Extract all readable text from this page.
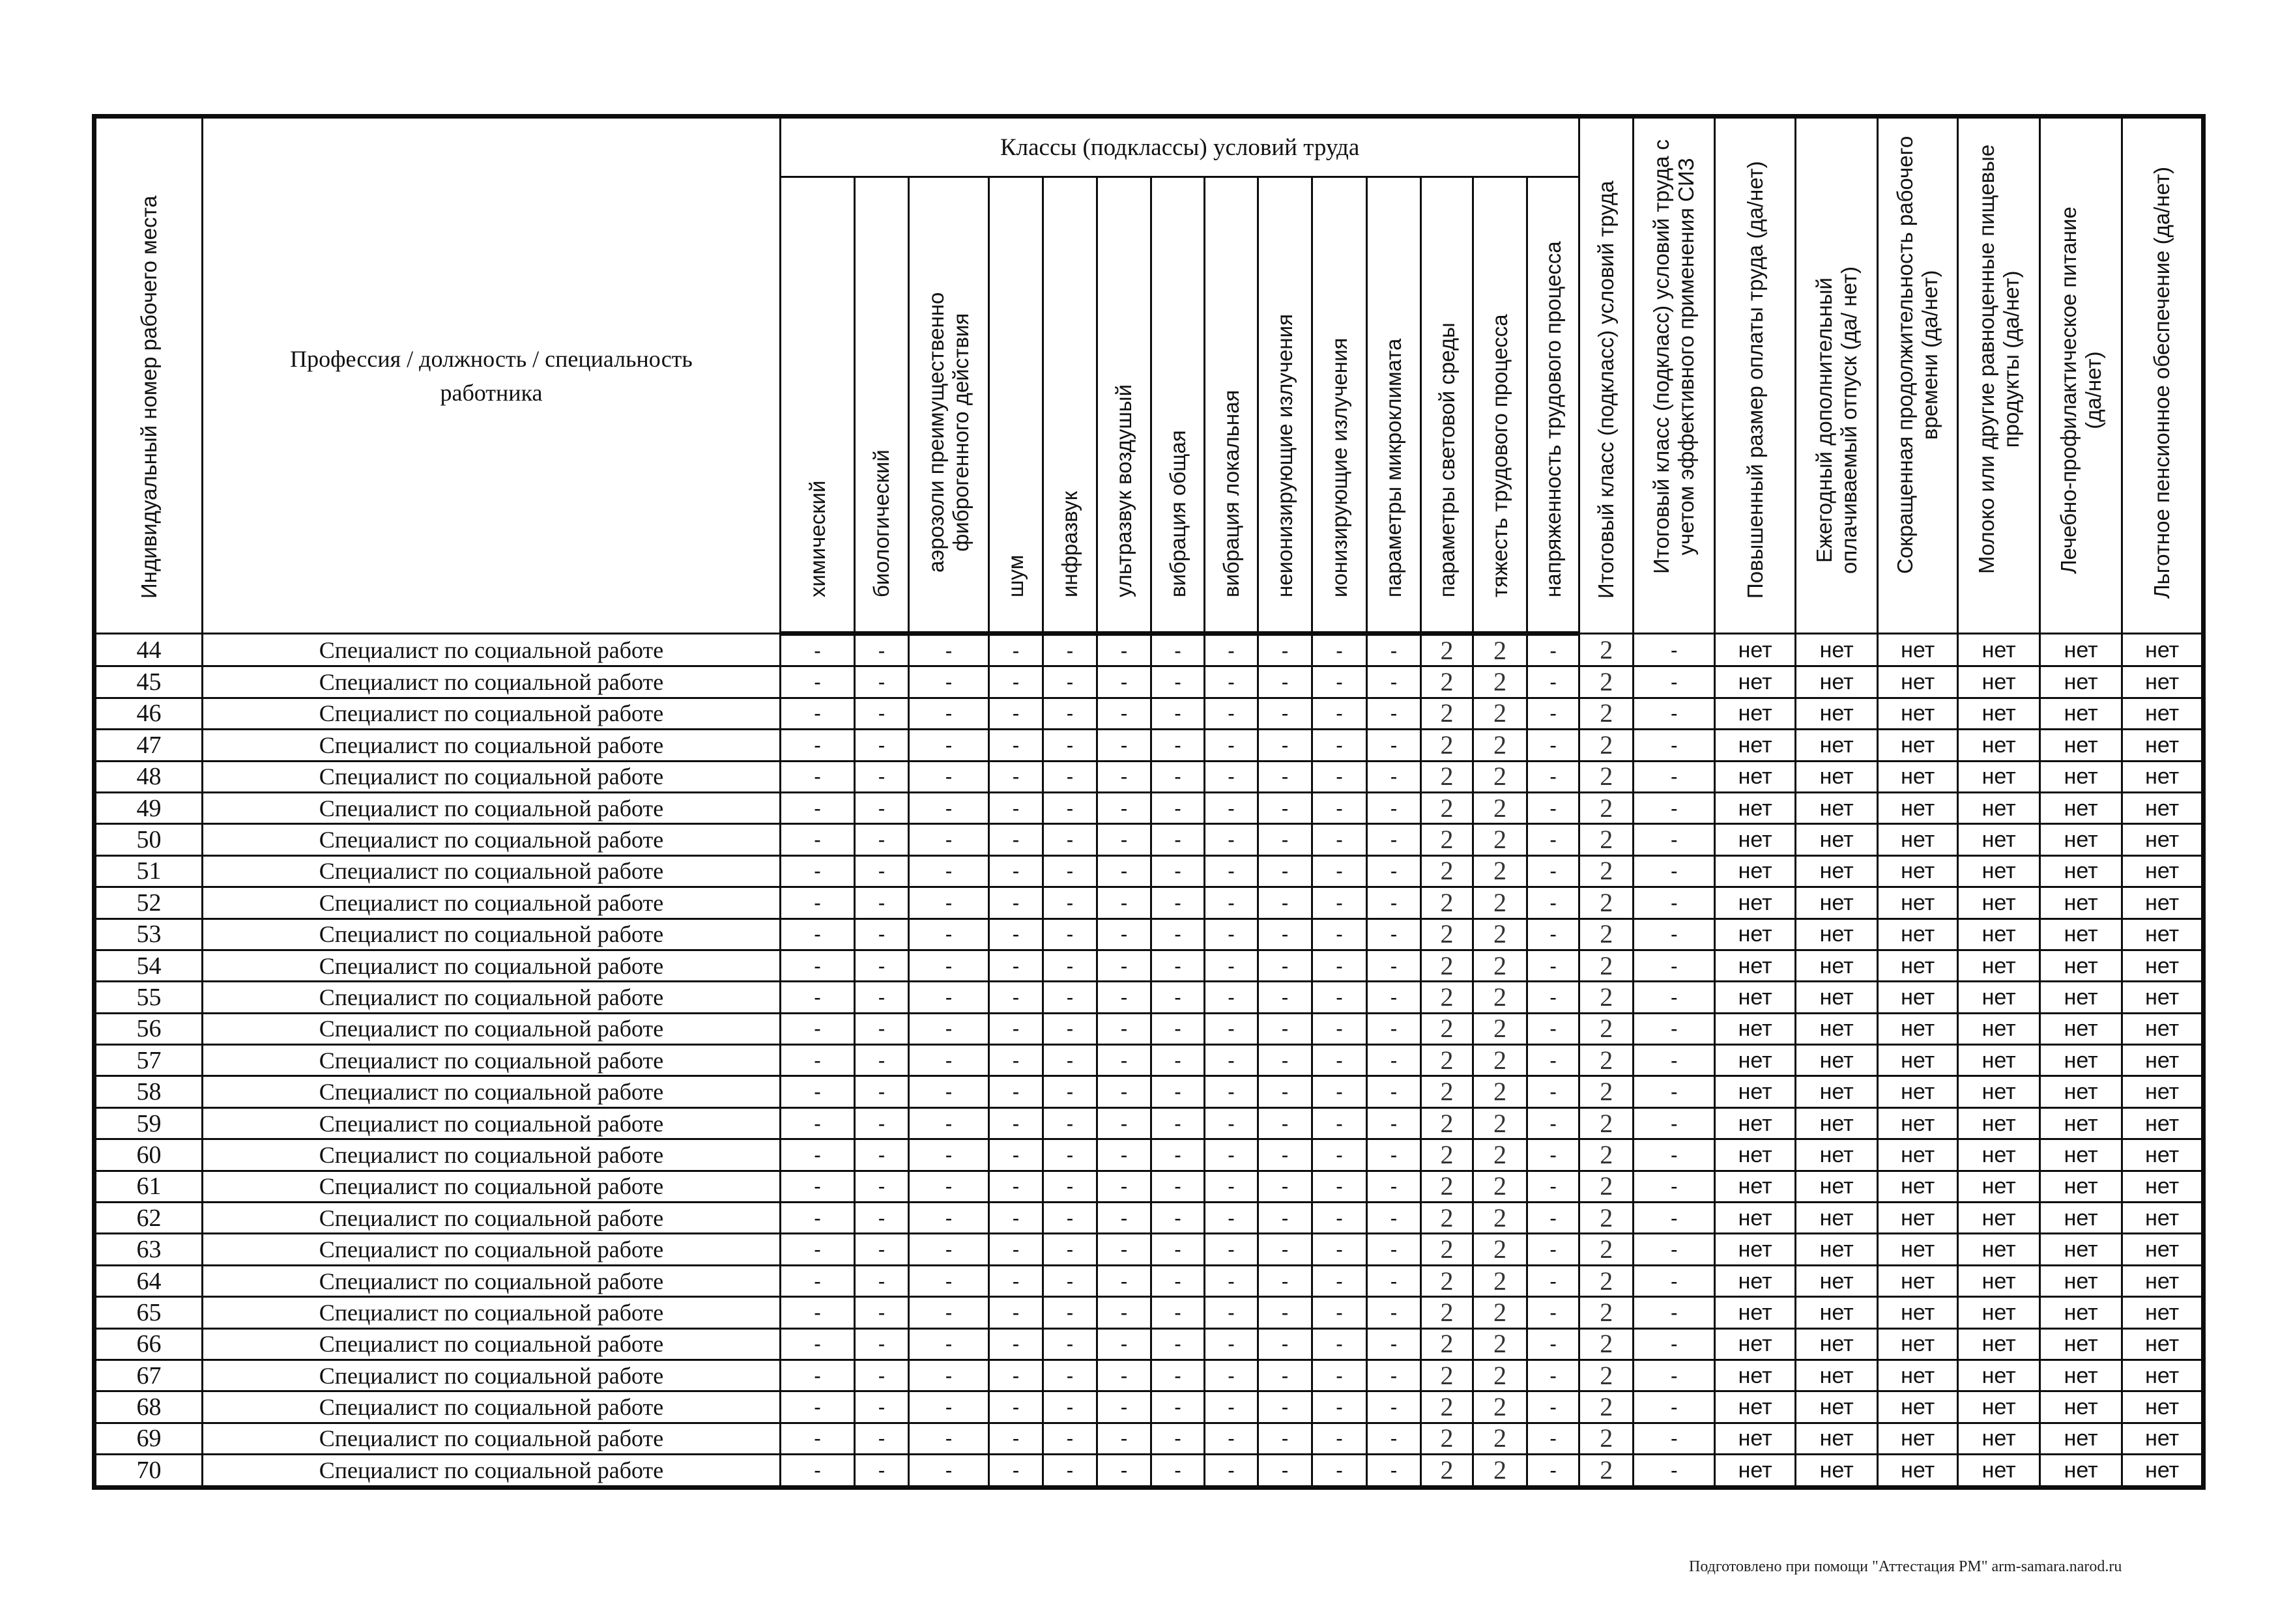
Индивидуальный номер рабочего места	Профессия / должность / специальность
работника	Классы (подклассы) условий труда														Итоговый класс (подкласс) условий труда	Итоговый класс (подкласс) условий труда с учетом эффективного применения СИЗ	Повышенный размер оплаты труда (да/нет)	Ежегодный дополнительный оплачиваемый отпуск (да/ нет)	Сокращенная продолжительность рабочего времени (да/нет)	Молоко или другие равноценные пищевые продукты (да/нет)	Лечебно-профилактическое питание (да/нет)	Льготное пенсионное обеспечение (да/нет)

		химический	биологический	аэрозоли преимущественно фиброгенного действия	шум	инфразвук	ультразвук воздушый	вибрация общая	вибрация локальная	неионизирующие излучения	ионизирующие излучения	параметры микроклимата	параметры световой среды	тяжесть трудового процесса	напряженность трудового процесса								

44	Специалист по социальной работе	-	-	-	-	-	-	-	-	-	-	-	2	2	-	2	-	нет	нет	нет	нет	нет	нет
45	Специалист по социальной работе	-	-	-	-	-	-	-	-	-	-	-	2	2	-	2	-	нет	нет	нет	нет	нет	нет
46	Специалист по социальной работе	-	-	-	-	-	-	-	-	-	-	-	2	2	-	2	-	нет	нет	нет	нет	нет	нет
47	Специалист по социальной работе	-	-	-	-	-	-	-	-	-	-	-	2	2	-	2	-	нет	нет	нет	нет	нет	нет
48	Специалист по социальной работе	-	-	-	-	-	-	-	-	-	-	-	2	2	-	2	-	нет	нет	нет	нет	нет	нет
49	Специалист по социальной работе	-	-	-	-	-	-	-	-	-	-	-	2	2	-	2	-	нет	нет	нет	нет	нет	нет
50	Специалист по социальной работе	-	-	-	-	-	-	-	-	-	-	-	2	2	-	2	-	нет	нет	нет	нет	нет	нет
51	Специалист по социальной работе	-	-	-	-	-	-	-	-	-	-	-	2	2	-	2	-	нет	нет	нет	нет	нет	нет
52	Специалист по социальной работе	-	-	-	-	-	-	-	-	-	-	-	2	2	-	2	-	нет	нет	нет	нет	нет	нет
53	Специалист по социальной работе	-	-	-	-	-	-	-	-	-	-	-	2	2	-	2	-	нет	нет	нет	нет	нет	нет
54	Специалист по социальной работе	-	-	-	-	-	-	-	-	-	-	-	2	2	-	2	-	нет	нет	нет	нет	нет	нет
55	Специалист по социальной работе	-	-	-	-	-	-	-	-	-	-	-	2	2	-	2	-	нет	нет	нет	нет	нет	нет
56	Специалист по социальной работе	-	-	-	-	-	-	-	-	-	-	-	2	2	-	2	-	нет	нет	нет	нет	нет	нет
57	Специалист по социальной работе	-	-	-	-	-	-	-	-	-	-	-	2	2	-	2	-	нет	нет	нет	нет	нет	нет
58	Специалист по социальной работе	-	-	-	-	-	-	-	-	-	-	-	2	2	-	2	-	нет	нет	нет	нет	нет	нет
59	Специалист по социальной работе	-	-	-	-	-	-	-	-	-	-	-	2	2	-	2	-	нет	нет	нет	нет	нет	нет
60	Специалист по социальной работе	-	-	-	-	-	-	-	-	-	-	-	2	2	-	2	-	нет	нет	нет	нет	нет	нет
61	Специалист по социальной работе	-	-	-	-	-	-	-	-	-	-	-	2	2	-	2	-	нет	нет	нет	нет	нет	нет
62	Специалист по социальной работе	-	-	-	-	-	-	-	-	-	-	-	2	2	-	2	-	нет	нет	нет	нет	нет	нет
63	Специалист по социальной работе	-	-	-	-	-	-	-	-	-	-	-	2	2	-	2	-	нет	нет	нет	нет	нет	нет
64	Специалист по социальной работе	-	-	-	-	-	-	-	-	-	-	-	2	2	-	2	-	нет	нет	нет	нет	нет	нет
65	Специалист по социальной работе	-	-	-	-	-	-	-	-	-	-	-	2	2	-	2	-	нет	нет	нет	нет	нет	нет
66	Специалист по социальной работе	-	-	-	-	-	-	-	-	-	-	-	2	2	-	2	-	нет	нет	нет	нет	нет	нет
67	Специалист по социальной работе	-	-	-	-	-	-	-	-	-	-	-	2	2	-	2	-	нет	нет	нет	нет	нет	нет
68	Специалист по социальной работе	-	-	-	-	-	-	-	-	-	-	-	2	2	-	2	-	нет	нет	нет	нет	нет	нет
69	Специалист по социальной работе	-	-	-	-	-	-	-	-	-	-	-	2	2	-	2	-	нет	нет	нет	нет	нет	нет
70	Специалист по социальной работе	-	-	-	-	-	-	-	-	-	-	-	2	2	-	2	-	нет	нет	нет	нет	нет	нет
Подготовлено при помощи "Аттестация РМ" arm-samara.narod.ru
